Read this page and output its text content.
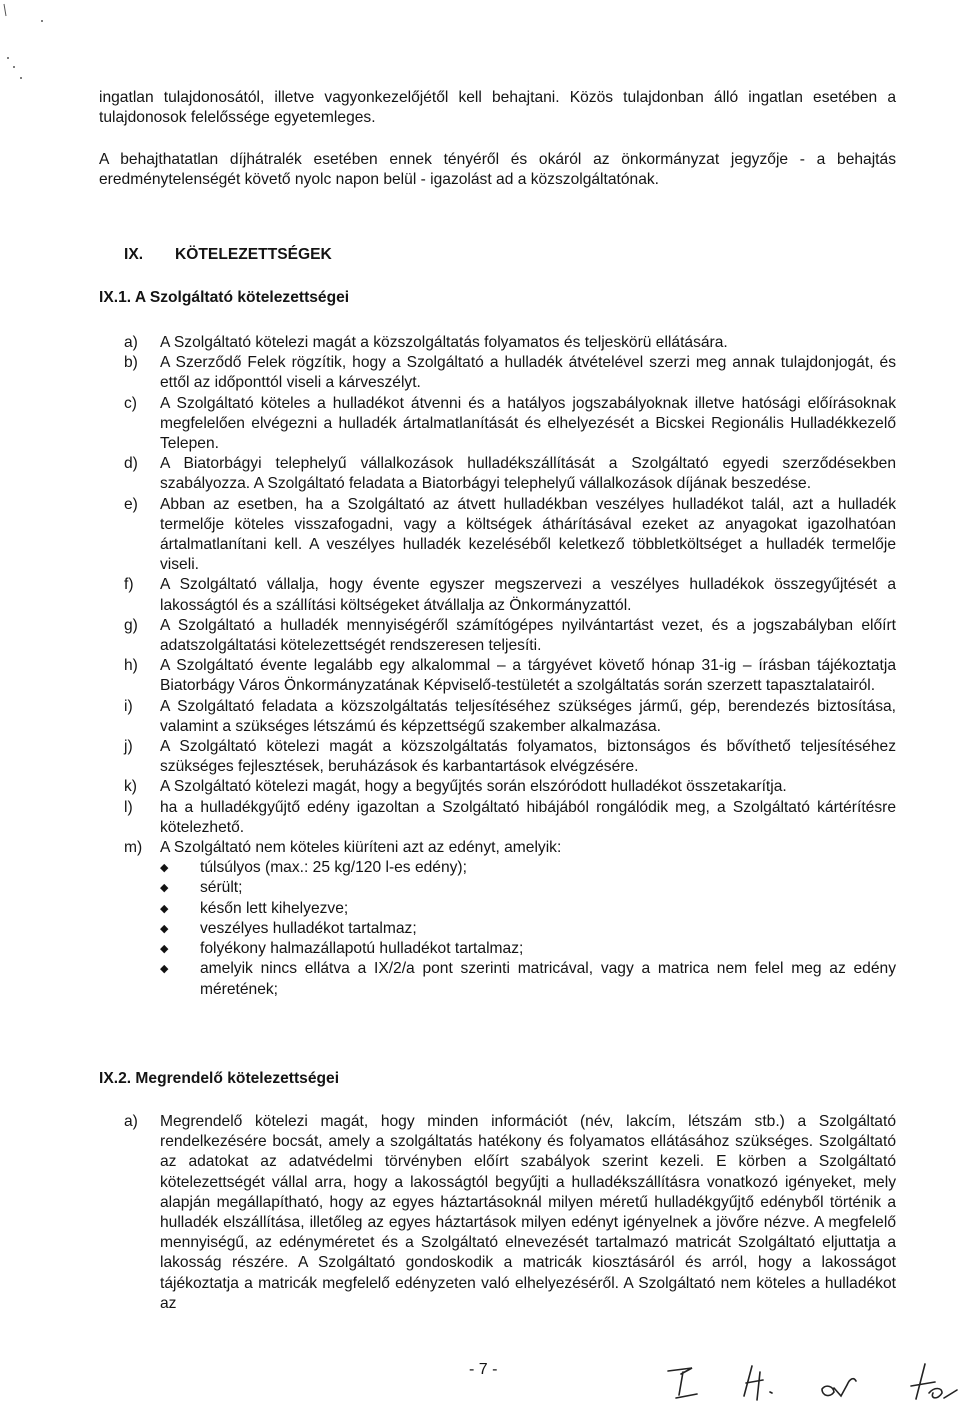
ingatlan tulajdonosától, illetve vagyonkezelőjétől kell behajtani. Közös tulajdonban álló ingatlan esetében a tulajdonosok felelőssége egyetemleges.

A behajthatatlan díjhátralék esetében ennek tényéről és okáról az önkormányzat jegyzője - a behajtás eredménytelenségét követő nyolc napon belül - igazolást ad a közszolgáltatónak.

IX. KÖTELEZETTSÉGEK
IX.1. A Szolgáltató kötelezettségei
a) A Szolgáltató kötelezi magát a közszolgáltatás folyamatos és teljeskörü ellátására.
b) A Szerződő Felek rögzítik, hogy a Szolgáltató a hulladék átvételével szerzi meg annak tulajdonjogát, és ettől az időponttól viseli a kárveszélyt.
c) A Szolgáltató köteles a hulladékot átvenni és a hatályos jogszabályoknak illetve hatósági előírásoknak megfelelően elvégezni a hulladék ártalmatlanítását és elhelyezését a Bicskei Regionális Hulladékkezelő Telepen.
d) A Biatorbágyi telephelyű vállalkozások hulladékszállítását a Szolgáltató egyedi szerződésekben szabályozza. A Szolgáltató feladata a Biatorbágyi telephelyű vállalkozások díjának beszedése.
e) Abban az esetben, ha a Szolgáltató az átvett hulladékban veszélyes hulladékot talál, azt a hulladék termelője köteles visszafogadni, vagy a költségek áthárításával ezeket az anyagokat igazolhatóan ártalmatlanítani kell. A veszélyes hulladék kezeléséből keletkező többletköltséget a hulladék termelője viseli.
f) A Szolgáltató vállalja, hogy évente egyszer megszervezi a veszélyes hulladékok összegyűjtését a lakosságtól és a szállítási költségeket átvállalja az Önkormányzattól.
g) A Szolgáltató a hulladék mennyiségéről számítógépes nyilvántartást vezet, és a jogszabályban előírt adatszolgáltatási kötelezettségét rendszeresen teljesíti.
h) A Szolgáltató évente legalább egy alkalommal – a tárgyévet követő hónap 31-ig – írásban tájékoztatja Biatorbágy Város Önkormányzatának Képviselő-testületét a szolgáltatás során szerzett tapasztalatairól.
i) A Szolgáltató feladata a közszolgáltatás teljesítéséhez szükséges jármű, gép, berendezés biztosítása, valamint a szükséges létszámú és képzettségű szakember alkalmazása.
j) A Szolgáltató kötelezi magát a közszolgáltatás folyamatos, biztonságos és bővíthető teljesítéséhez szükséges fejlesztések, beruházások és karbantartások elvégzésére.
k) A Szolgáltató kötelezi magát, hogy a begyűjtés során elszóródott hulladékot összetakarítja.
l) ha a hulladékgyűjtő edény igazoltan a Szolgáltató hibájából rongálódik meg, a Szolgáltató kártérítésre kötelezhető.
m) A Szolgáltató nem köteles kiüríteni azt az edényt, amelyik:
◆ túlsúlyos (max.: 25 kg/120 l-es edény);
◆ sérült;
◆ későn lett kihelyezve;
◆ veszélyes hulladékot tartalmaz;
◆ folyékony halmazállapotú hulladékot tartalmaz;
◆ amelyik nincs ellátva a IX/2/a pont szerinti matricával, vagy a matrica nem felel meg az edény méretének;
IX.2. Megrendelő kötelezettségei
a) Megrendelő kötelezi magát, hogy minden információt (név, lakcím, létszám stb.) a Szolgáltató rendelkezésére bocsát, amely a szolgáltatás hatékony és folyamatos ellátásához szükséges. Szolgáltató az adatokat az adatvédelmi törvényben előírt szabályok szerint kezeli. E körben a Szolgáltató kötelezettségét vállal arra, hogy a lakosságtól begyűjti a hulladékszállításra vonatkozó igényeket, mely alapján megállapítható, hogy az egyes háztartásoknál milyen méretű hulladékgyűjtő edényből történik a hulladék elszállítása, illetőleg az egyes háztartások milyen edényt igényelnek a jövőre nézve. A megfelelő mennyiségű, az edényméretet és a Szolgáltató elnevezését tartalmazó matricát Szolgáltató eljuttatja a lakosság részére. A Szolgáltató gondoskodik a matricák kiosztásáról és arról, hogy a lakosságot tájékoztatja a matricák megfelelő edényzeten való elhelyezéséről. A Szolgáltató nem köteles a hulladékot az
- 7 -
